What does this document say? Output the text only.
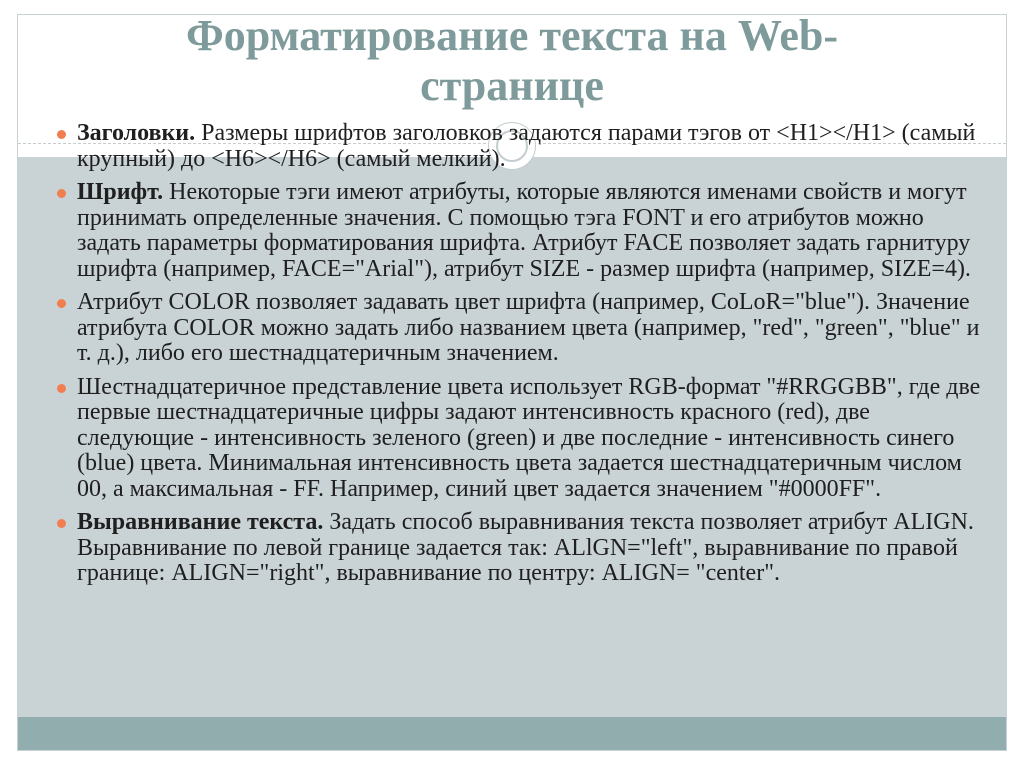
Форматирование текста на Web-
странице
Заголовки. Размеры шрифтов заголовков задаются парами тэгов от <H1></H1> (самый крупный) до <H6></H6> (самый мелкий).
Шрифт. Некоторые тэги имеют атрибуты, которые являются именами свойств и могут принимать определенные значения. С помощью тэга FONT и его атрибутов можно задать параметры форматирования шрифта. Атрибут FACE позволяет задать гарнитуру шрифта (например, FACE="Arial"), атрибут SIZE - размер шрифта (например, SIZE=4).
Атрибут COLOR позволяет задавать цвет шрифта (например, CoLoR="blue"). Значение атрибута COLOR можно задать либо названием цвета (например, "red", "green", "blue" и т. д.), либо его шестнадцатеричным значением.
Шестнадцатеричное представление цвета использует RGB-формат "#RRGGBB", где две первые шестнадцатеричные цифры задают интенсивность красного (red), две следующие - интенсивность зеленого (green) и две последние - интенсивность синего (blue) цвета. Минимальная интенсивность цвета задается шестнадцатеричным числом 00, а максимальная - FF. Например, синий цвет задается значением "#0000FF".
Выравнивание текста. Задать способ выравнивания текста позволяет атрибут ALIGN. Выравнивание по левой границе задается так: ALlGN="left", выравнивание по правой границе: ALIGN="right", выравнивание по центру: ALIGN= "center".
